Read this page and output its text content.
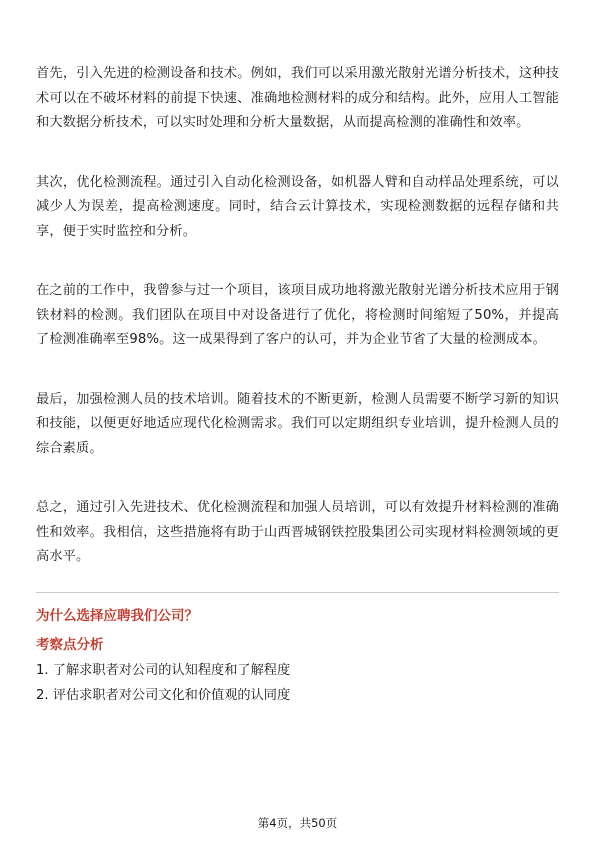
首先，引入先进的检测设备和技术。例如，我们可以采用激光散射光谱分析技术，这种技术可以在不破坏材料的前提下快速、准确地检测材料的成分和结构。此外，应用人工智能和大数据分析技术，可以实时处理和分析大量数据，从而提高检测的准确性和效率。

其次，优化检测流程。通过引入自动化检测设备，如机器人臂和自动样品处理系统，可以减少人为误差，提高检测速度。同时，结合云计算技术，实现检测数据的远程存储和共享，便于实时监控和分析。

在之前的工作中，我曾参与过一个项目，该项目成功地将激光散射光谱分析技术应用于钢铁材料的检测。我们团队在项目中对设备进行了优化，将检测时间缩短了50%，并提高了检测准确率至98%。这一成果得到了客户的认可，并为企业节省了大量的检测成本。

最后，加强检测人员的技术培训。随着技术的不断更新，检测人员需要不断学习新的知识和技能，以便更好地适应现代化检测需求。我们可以定期组织专业培训，提升检测人员的综合素质。

总之，通过引入先进技术、优化检测流程和加强人员培训，可以有效提升材料检测的准确性和效率。我相信，这些措施将有助于山西晋城钢铁控股集团公司实现材料检测领域的更高水平。

为什么选择应聘我们公司？
考察点分析

1. 了解求职者对公司的认知程度和了解程度

2. 评估求职者对公司文化和价值观的认同度

第4页，共50页
